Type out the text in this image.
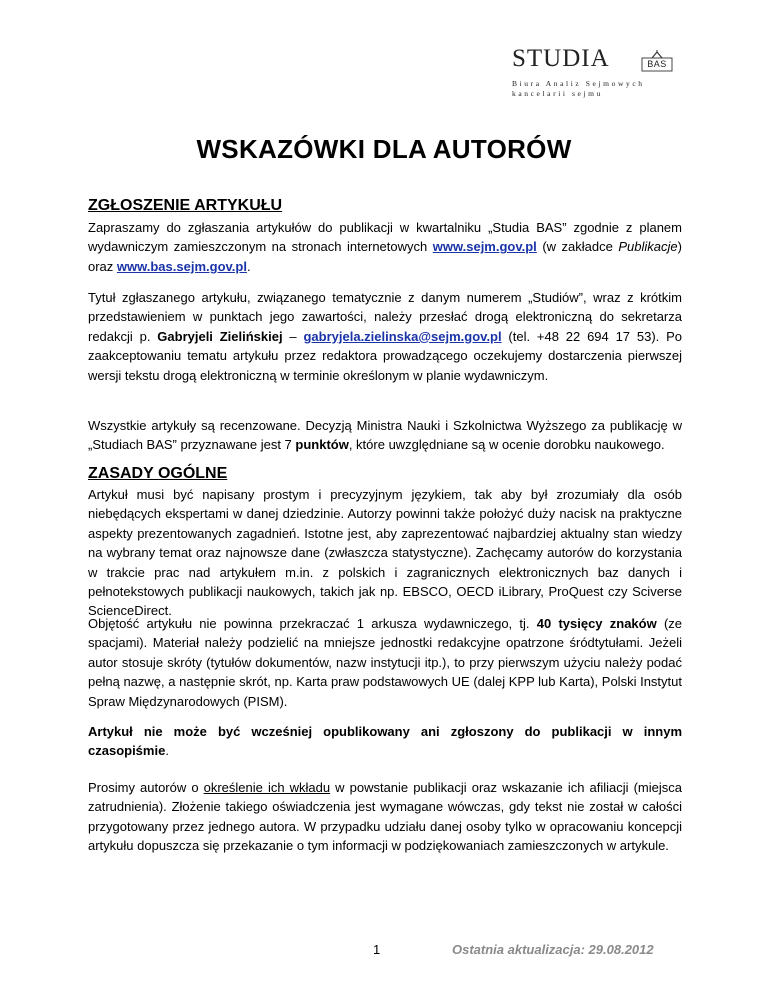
STUDIA	BAS
Biura Analiz Sejmowych
kancelarii sejmu
WSKAZÓWKI DLA AUTORÓW
ZGŁOSZENIE ARTYKUŁU
Zapraszamy do zgłaszania artykułów do publikacji w kwartalniku „Studia BAS” zgodnie z planem wydawniczym zamieszczonym na stronach internetowych www.sejm.gov.pl (w zakładce Publikacje) oraz www.bas.sejm.gov.pl.
Tytuł zgłaszanego artykułu, związanego tematycznie z danym numerem „Studiów”, wraz z krótkim przedstawieniem w punktach jego zawartości, należy przesłać drogą elektroniczną do sekretarza redakcji p. Gabryjeli Zielińskiej – gabryjela.zielinska@sejm.gov.pl (tel. +48 22 694 17 53). Po zaakceptowaniu tematu artykułu przez redaktora prowadzącego oczekujemy dostarczenia pierwszej wersji tekstu drogą elektroniczną w terminie określonym w planie wydawniczym.
Wszystkie artykuły są recenzowane. Decyzją Ministra Nauki i Szkolnictwa Wyższego za publikację w „Studiach BAS” przyznawane jest 7 punktów, które uwzględniane są w ocenie dorobku naukowego.
ZASADY OGÓLNE
Artykuł musi być napisany prostym i precyzyjnym językiem, tak aby był zrozumiały dla osób niebędących ekspertami w danej dziedzinie. Autorzy powinni także położyć duży nacisk na praktyczne aspekty prezentowanych zagadnień. Istotne jest, aby zaprezentować najbardziej aktualny stan wiedzy na wybrany temat oraz najnowsze dane (zwłaszcza statystyczne). Zachęcamy autorów do korzystania w trakcie prac nad artykułem m.in. z polskich i zagranicznych elektronicznych baz danych i pełnotekstowych publikacji naukowych, takich jak np. EBSCO, OECD iLibrary, ProQuest czy Sciverse ScienceDirect.
Objętość artykułu nie powinna przekraczać 1 arkusza wydawniczego, tj. 40 tysięcy znaków (ze spacjami). Materiał należy podzielić na mniejsze jednostki redakcyjne opatrzone śródtytułami. Jeżeli autor stosuje skróty (tytułów dokumentów, nazw instytucji itp.), to przy pierwszym użyciu należy podać pełną nazwę, a następnie skrót, np. Karta praw podstawowych UE (dalej KPP lub Karta), Polski Instytut Spraw Międzynarodowych (PISM).
Artykuł nie może być wcześniej opublikowany ani zgłoszony do publikacji w innym czasopiśmie.
Prosimy autorów o określenie ich wkładu w powstanie publikacji oraz wskazanie ich afiliacji (miejsca zatrudnienia). Złożenie takiego oświadczenia jest wymagane wówczas, gdy tekst nie został w całości przygotowany przez jednego autora. W przypadku udziału danej osoby tylko w opracowaniu koncepcji artykułu dopuszcza się przekazanie o tym informacji w podziękowaniach zamieszczonych w artykule.
1	Ostatnia aktualizacja: 29.08.2012
